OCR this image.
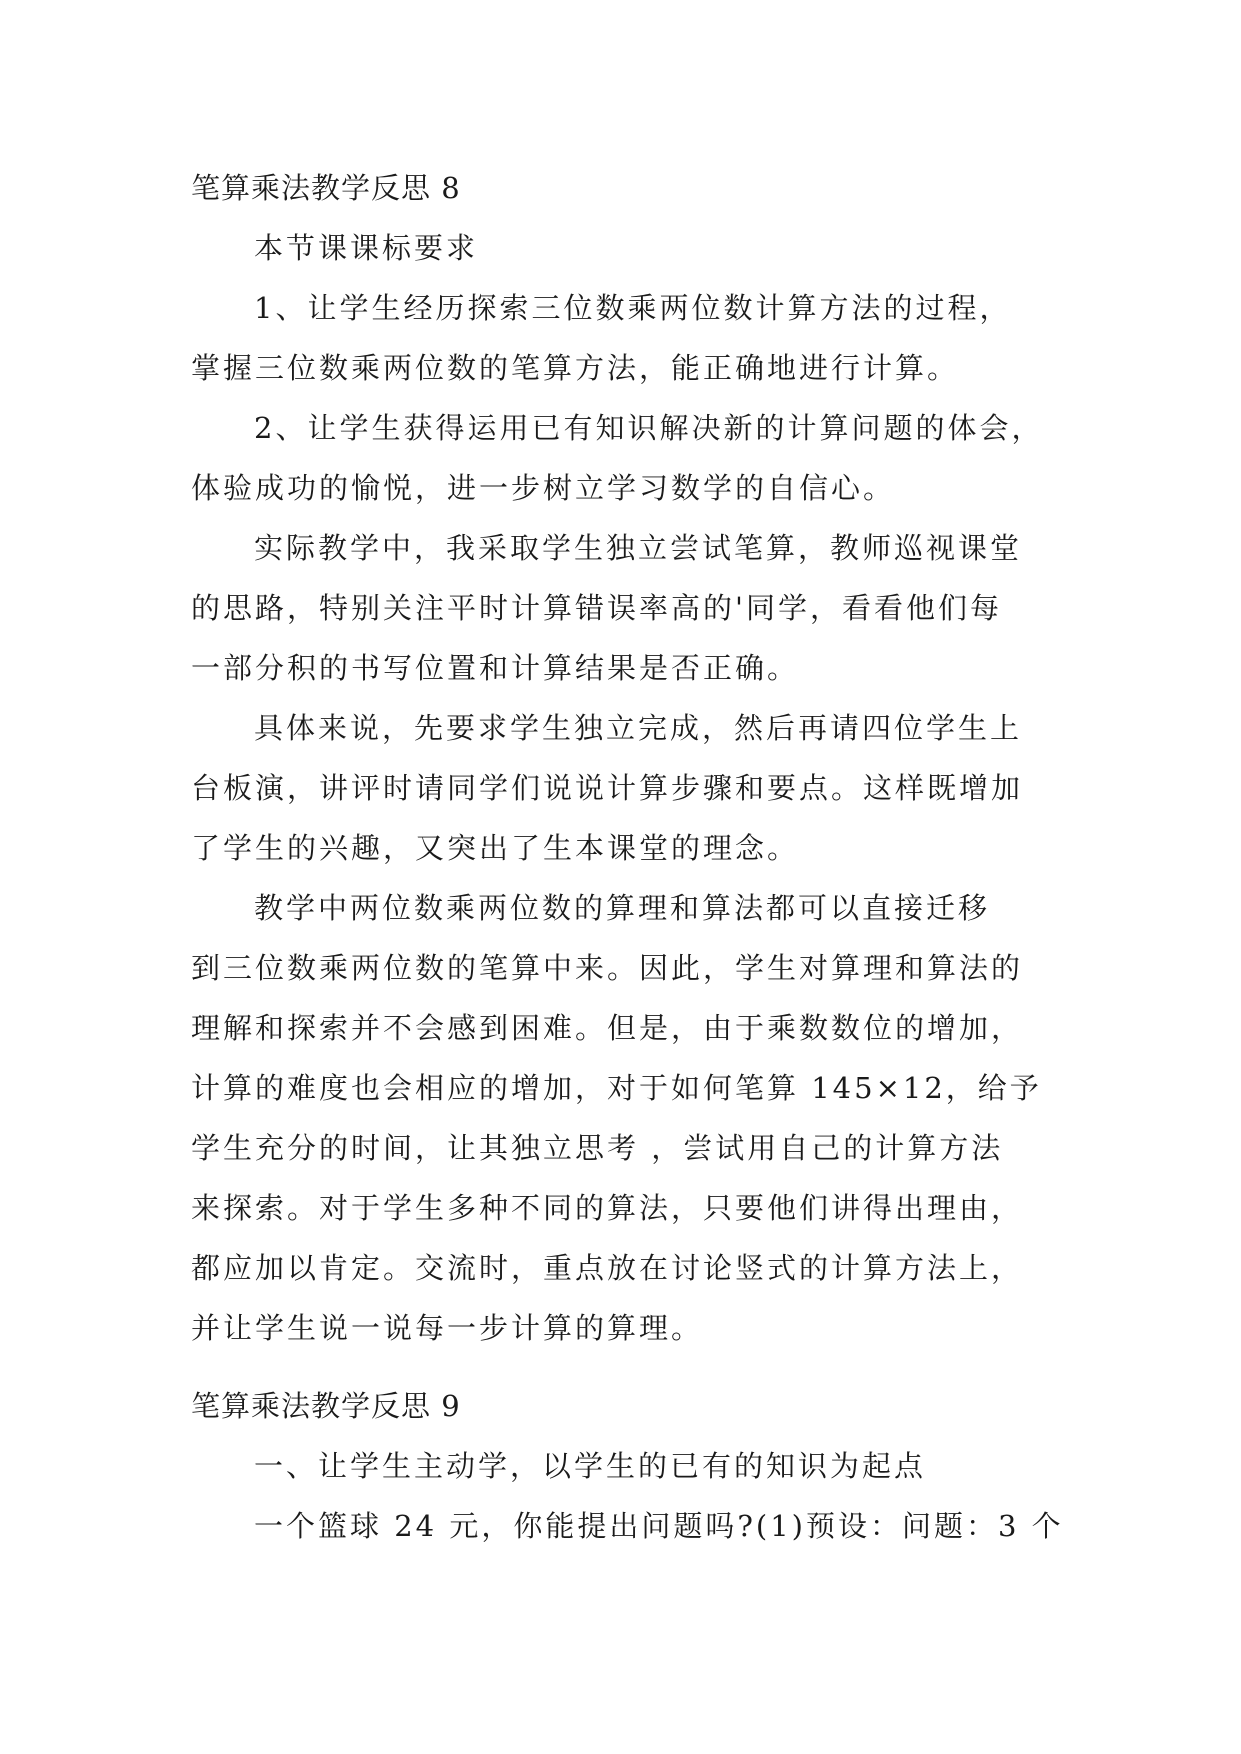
笔算乘法教学反思 8

本节课课标要求

1、让学生经历探索三位数乘两位数计算方法的过程，
掌握三位数乘两位数的笔算方法，能正确地进行计算。

2、让学生获得运用已有知识解决新的计算问题的体会，
体验成功的愉悦，进一步树立学习数学的自信心。

实际教学中，我采取学生独立尝试笔算，教师巡视课堂
的思路，特别关注平时计算错误率高的'同学，看看他们每
一部分积的书写位置和计算结果是否正确。

具体来说，先要求学生独立完成，然后再请四位学生上
台板演，讲评时请同学们说说计算步骤和要点。这样既增加
了学生的兴趣，又突出了生本课堂的理念。

教学中两位数乘两位数的算理和算法都可以直接迁移
到三位数乘两位数的笔算中来。因此，学生对算理和算法的
理解和探索并不会感到困难。但是，由于乘数数位的增加，
计算的难度也会相应的增加，对于如何笔算 145×12，给予
学生充分的时间，让其独立思考 ，尝试用自己的计算方法
来探索。对于学生多种不同的算法，只要他们讲得出理由，
都应加以肯定。交流时，重点放在讨论竖式的计算方法上，
并让学生说一说每一步计算的算理。

笔算乘法教学反思 9

一、让学生主动学，以学生的已有的知识为起点

一个篮球 24 元，你能提出问题吗?(1)预设：问题：3 个
